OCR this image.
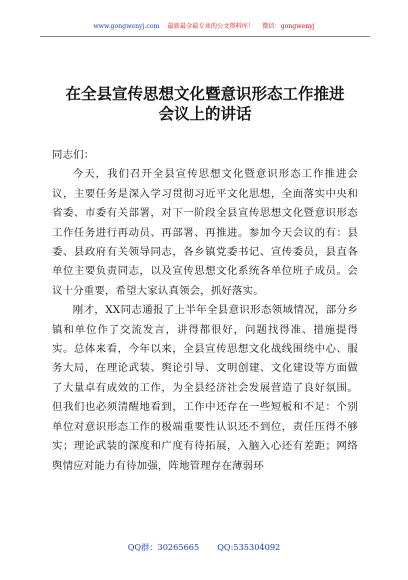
www.gongwenyj.com 最新最全最专业的公文资料库！ 微信：gongwenyj
在全县宣传思想文化暨意识形态工作推进
会议上的讲话

同志们：

今天，我们召开全县宣传思想文化暨意识形态工作推进会议，主要任务是深入学习贯彻习近平文化思想，全面落实中央和省委、市委有关部署，对下一阶段全县宣传思想文化暨意识形态工作任务进行再动员、再部署、再推进。参加今天会议的有：县委、县政府有关领导同志，各乡镇党委书记、宣传委员，县直各单位主要负责同志，以及宣传思想文化系统各单位班子成员。会议十分重要，希望大家认真领会，抓好落实。

刚才，XX同志通报了上半年全县意识形态领域情况，部分乡镇和单位作了交流发言，讲得都很好，问题找得准、措施提得实。总体来看，今年以来，全县宣传思想文化战线围绕中心、服务大局，在理论武装、舆论引导、文明创建、文化建设等方面做了大量卓有成效的工作，为全县经济社会发展营造了良好氛围。但我们也必须清醒地看到，工作中还存在一些短板和不足：个别单位对意识形态工作的极端重要性认识还不到位，责任压得不够实；理论武装的深度和广度有待拓展，入脑入心还有差距；网络舆情应对能力有待加强，阵地管理存在薄弱环

QQ群：30265665 QQ:535304092
